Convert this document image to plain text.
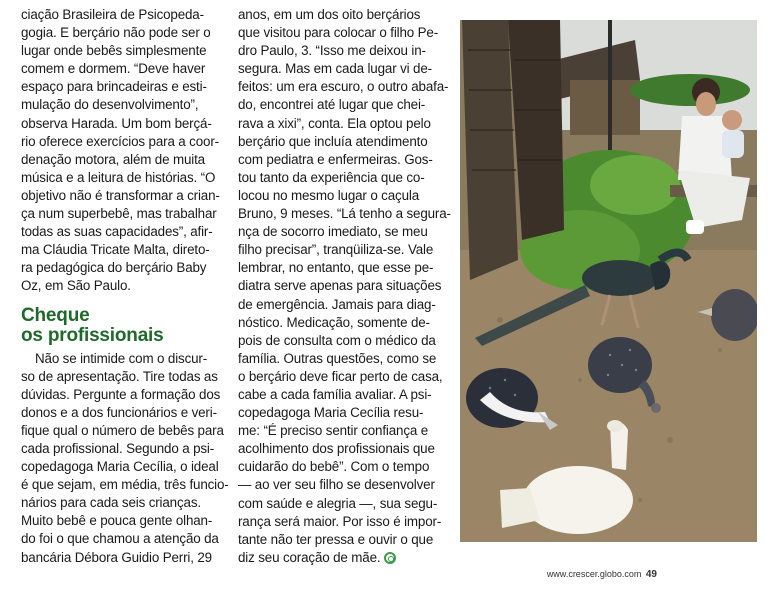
ciação Brasileira de Psicopeda-
gogia. E berçário não pode ser o
lugar onde bebês simplesmente
comem e dormem. “Deve haver
espaço para brincadeiras e esti-
mulação do desenvolvimento”,
observa Harada. Um bom berçá-
rio oferece exercícios para a coor-
denação motora, além de muita
música e a leitura de histórias. “O
objetivo não é transformar a crian-
ça num superbebê, mas trabalhar
todas as suas capacidades”, afir-
ma Cláudia Tricate Malta, direto-
ra pedagógica do berçário Baby
Oz, em São Paulo.

Cheque
os profissionais

Não se intimide com o discur-
so de apresentação. Tire todas as
dúvidas. Pergunte a formação dos
donos e a dos funcionários e veri-
fique qual o número de bebês para
cada profissional. Segundo a psi-
copedagoga Maria Cecília, o ideal
é que sejam, em média, três funcio-
nários para cada seis crianças.
Muito bebê e pouca gente olhan-
do foi o que chamou a atenção da
bancária Débora Guidio Perri, 29

anos, em um dos oito berçários
que visitou para colocar o filho Pe-
dro Paulo, 3. “Isso me deixou in-
segura. Mas em cada lugar vi de-
feitos: um era escuro, o outro abafa-
do, encontrei até lugar que chei-
rava a xixi”, conta. Ela optou pelo
berçário que incluía atendimento
com pediatra e enfermeiras. Gos-
tou tanto da experiência que co-
locou no mesmo lugar o caçula
Bruno, 9 meses. “Lá tenho a segura-
nça de socorro imediato, se meu
filho precisar”, tranqüiliza-se. Vale
lembrar, no entanto, que esse pe-
diatra serve apenas para situações
de emergência. Jamais para diag-
nóstico. Medicação, somente de-
pois de consulta com o médico da
família. Outras questões, como se
o berçário deve ficar perto de casa,
cabe a cada família avaliar. A psi-
copedagoga Maria Cecília resu-
me: “É preciso sentir confiança e
acolhimento dos profissionais que
cuidarão do bebê”. Com o tempo
— ao ver seu filho se desenvolver
com saúde e alegria —, sua segu-
rança será maior. Por isso é impor-
tante não ter pressa e ouvir o que
diz seu coração de mãe.

www.crescer.globo.com 49
